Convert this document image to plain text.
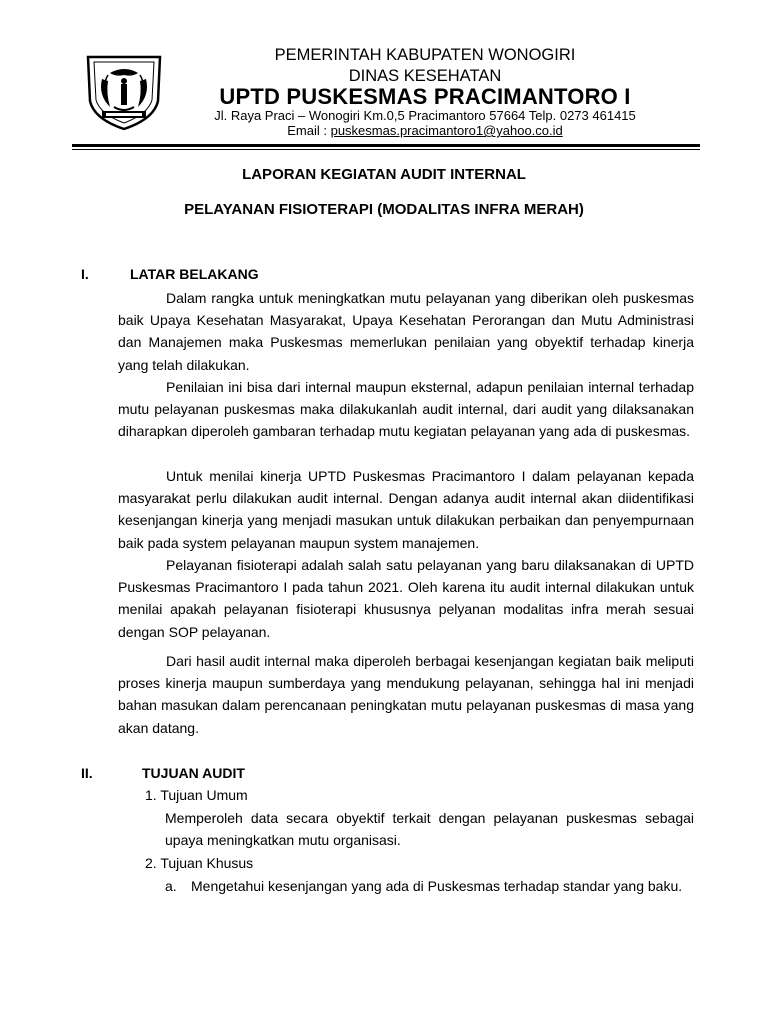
PEMERINTAH KABUPATEN WONOGIRI
DINAS KESEHATAN
UPTD PUSKESMAS PRACIMANTORO I
Jl. Raya Praci – Wonogiri Km.0,5 Pracimantoro 57664 Telp. 0273 461415
Email : puskesmas.pracimantoro1@yahoo.co.id
LAPORAN KEGIATAN AUDIT INTERNAL
PELAYANAN FISIOTERAPI (MODALITAS INFRA MERAH)
I.	LATAR BELAKANG
Dalam rangka untuk meningkatkan mutu pelayanan yang diberikan oleh puskesmas baik Upaya Kesehatan Masyarakat, Upaya Kesehatan Perorangan dan Mutu Administrasi dan Manajemen maka Puskesmas memerlukan penilaian yang obyektif terhadap kinerja yang telah dilakukan.
Penilaian ini bisa dari internal maupun eksternal, adapun penilaian internal terhadap mutu pelayanan puskesmas maka dilakukanlah audit internal, dari audit yang dilaksanakan diharapkan diperoleh gambaran terhadap mutu kegiatan pelayanan yang ada di puskesmas.
Untuk menilai kinerja UPTD Puskesmas Pracimantoro I dalam pelayanan kepada masyarakat perlu dilakukan audit internal. Dengan adanya audit internal akan diidentifikasi kesenjangan kinerja yang menjadi masukan untuk dilakukan perbaikan dan penyempurnaan baik pada system pelayanan maupun system manajemen.
Pelayanan fisioterapi adalah salah satu pelayanan yang baru dilaksanakan di UPTD Puskesmas Pracimantoro I pada tahun 2021. Oleh karena itu audit internal dilakukan untuk menilai apakah pelayanan fisioterapi khususnya pelyanan modalitas infra merah sesuai dengan SOP pelayanan.
Dari hasil audit internal maka diperoleh berbagai kesenjangan kegiatan baik meliputi proses kinerja maupun sumberdaya yang mendukung pelayanan, sehingga hal ini menjadi bahan masukan dalam perencanaan peningkatan mutu pelayanan puskesmas di masa yang akan datang.
II.	TUJUAN AUDIT
1. Tujuan Umum
Memperoleh data secara obyektif terkait dengan pelayanan puskesmas sebagai upaya meningkatkan mutu organisasi.
2. Tujuan Khusus
a. Mengetahui kesenjangan yang ada di Puskesmas terhadap standar yang baku.
